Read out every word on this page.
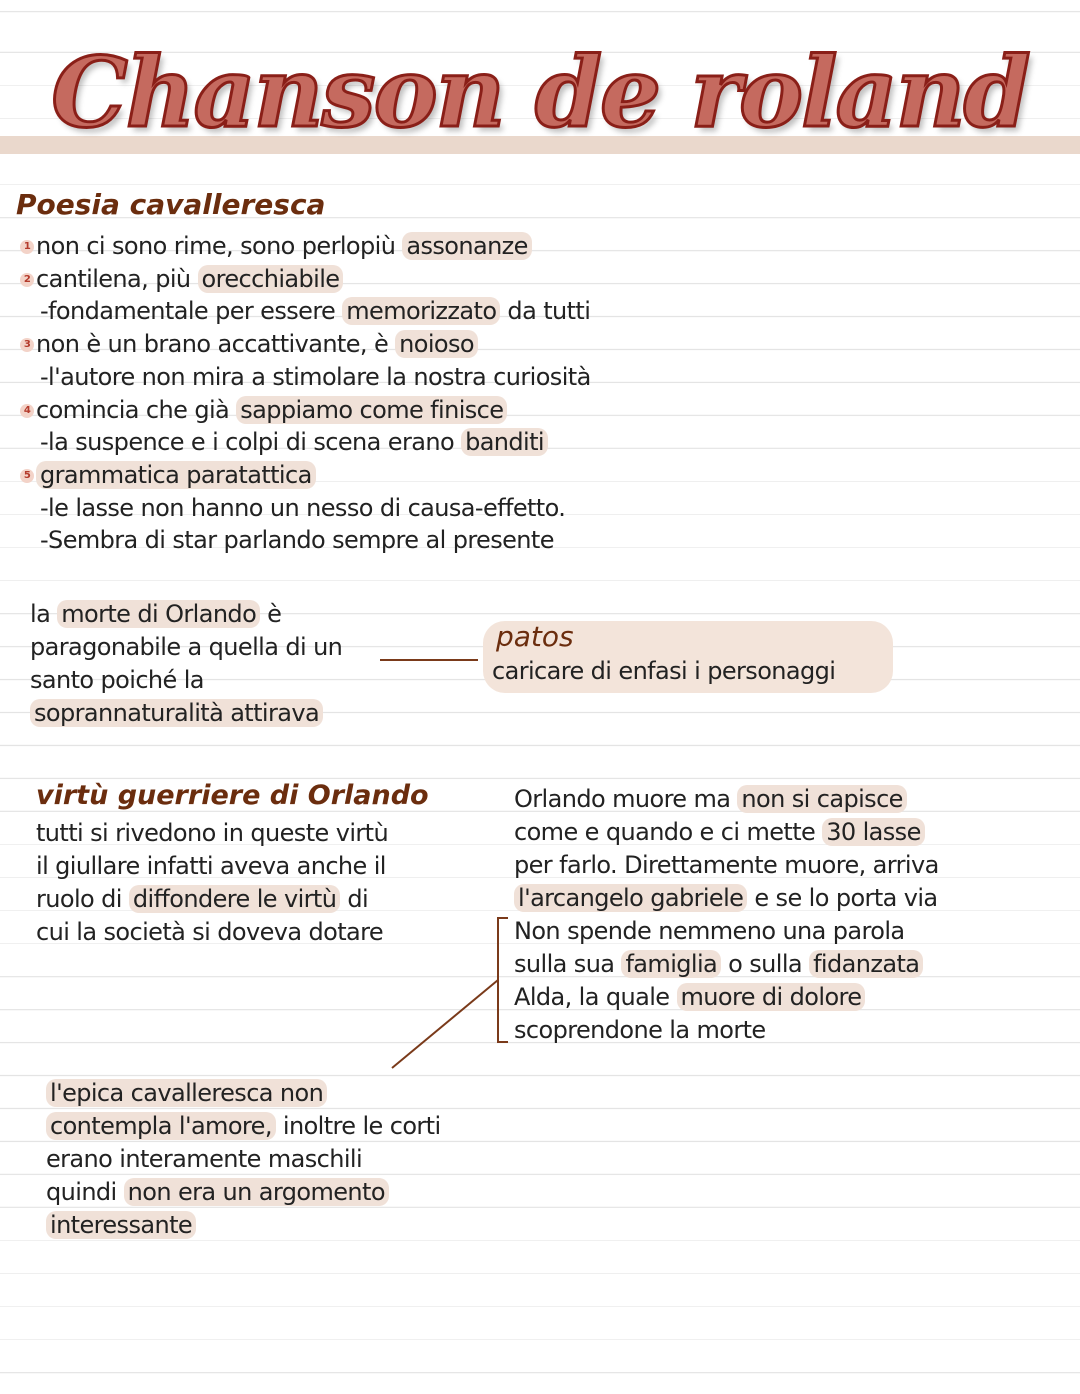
Chanson de roland
Poesia cavalleresca
1 non ci sono rime, sono perlopiù assonanze
2 cantilena, più orecchiabile
-fondamentale per essere memorizzato da tutti
3 non è un brano accattivante, è noioso
-l'autore non mira a stimolare la nostra curiosità
4 comincia che già sappiamo come finisce
-la suspence e i colpi di scena erano banditi
5 grammatica paratattica
-le lasse non hanno un nesso di causa-effetto.
-Sembra di star parlando sempre al presente
la morte di Orlando è
paragonabile a quella di un
santo poiché la
soprannaturalità attirava
patos
caricare di enfasi i personaggi
virtù guerriere di Orlando
tutti si rivedono in queste virtù
il giullare infatti aveva anche il
ruolo di diffondere le virtù di
cui la società si doveva dotare
Orlando muore ma non si capisce
come e quando e ci mette 30 lasse
per farlo. Direttamente muore, arriva
l'arcangelo gabriele e se lo porta via
Non spende nemmeno una parola
sulla sua famiglia o sulla fidanzata
Alda, la quale muore di dolore
scoprendone la morte
l'epica cavalleresca non
contempla l'amore, inoltre le corti
erano interamente maschili
quindi non era un argomento
interessante
